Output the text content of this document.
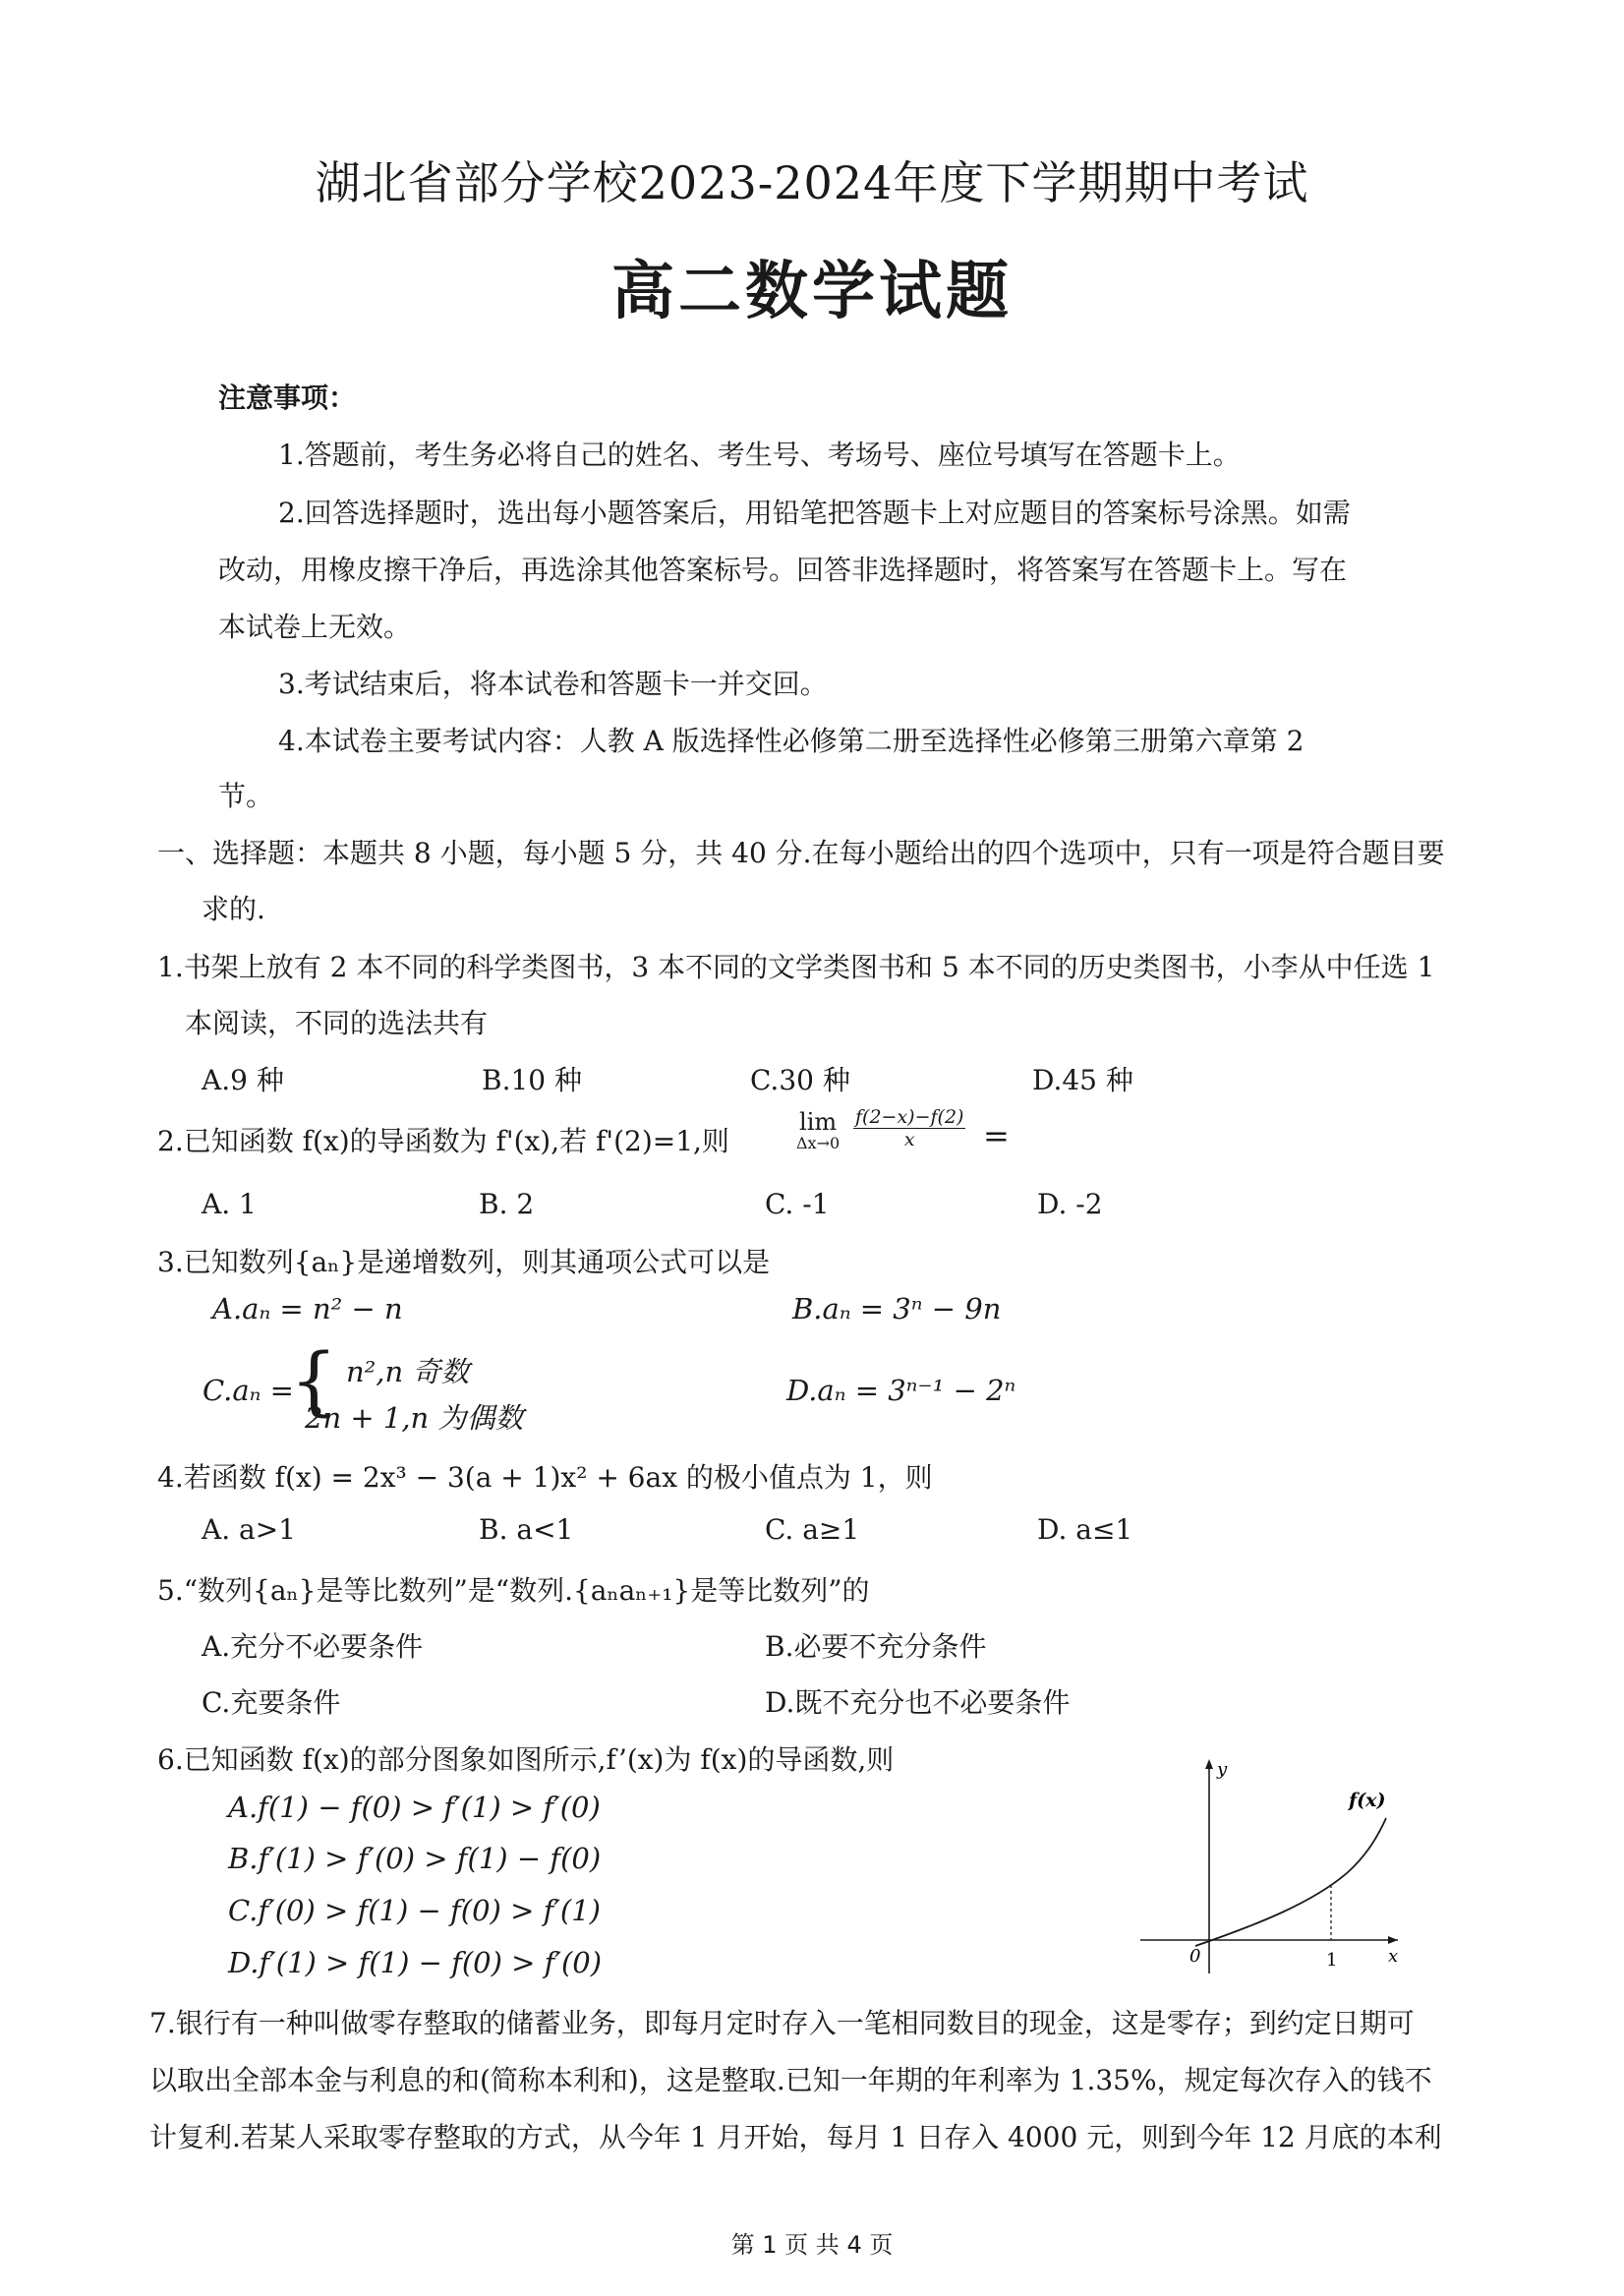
湖北省部分学校2023-2024年度下学期期中考试
高二数学试题
注意事项：
1.答题前，考生务必将自己的姓名、考生号、考场号、座位号填写在答题卡上。
2.回答选择题时，选出每小题答案后，用铅笔把答题卡上对应题目的答案标号涂黑。如需
改动，用橡皮擦干净后，再选涂其他答案标号。回答非选择题时，将答案写在答题卡上。写在
本试卷上无效。
3.考试结束后，将本试卷和答题卡一并交回。
4.本试卷主要考试内容：人教 A 版选择性必修第二册至选择性必修第三册第六章第 2
节。
一、选择题：本题共 8 小题，每小题 5 分，共 40 分.在每小题给出的四个选项中，只有一项是符合题目要
求的.
1.书架上放有 2 本不同的科学类图书，3 本不同的文学类图书和 5 本不同的历史类图书，小李从中任选 1
本阅读，不同的选法共有
A.9 种	B.10 种	C.30 种	D.45 种
2.已知函数 f(x)的导函数为 f'(x),若 f'(2)=1,则
lim
$\Delta x\to 0 \frac{f(2-x)-f(2)}{x}$ =
A. 1	B. 2	C. -1	D. -2
3.已知数列{aₙ}是递增数列，则其通项公式可以是
A.aₙ = n² − n	B.aₙ = 3ⁿ − 9n
C.aₙ =
{ n²,n 奇数
2n + 1,n 为偶数
D.aₙ = 3ⁿ⁻¹ − 2ⁿ
4.若函数 f(x) = 2x³ − 3(a + 1)x² + 6ax 的极小值点为 1，则
A. a>1	B. a<1	C. a≥1	D. a≤1
5.“数列{aₙ}是等比数列”是“数列.{aₙaₙ₊₁}是等比数列”的
A.充分不必要条件	B.必要不充分条件
C.充要条件	D.既不充分也不必要条件
6.已知函数 f(x)的部分图象如图所示,f’(x)为 f(x)的导函数,则
A.f(1) − f(0) > f′(1) > f′(0)
B.f′(1) > f′(0) > f(1) − f(0)
C.f′(0) > f(1) − f(0) > f′(1)
D.f′(1) > f(1) − f(0) > f′(0)
y
x
0	1
f(x)
7.银行有一种叫做零存整取的储蓄业务，即每月定时存入一笔相同数目的现金，这是零存；到约定日期可
以取出全部本金与利息的和(简称本利和)，这是整取.已知一年期的年利率为 1.35%，规定每次存入的钱不
计复利.若某人采取零存整取的方式，从今年 1 月开始，每月 1 日存入 4000 元，则到今年 12 月底的本利
第 1 页 共 4 页
